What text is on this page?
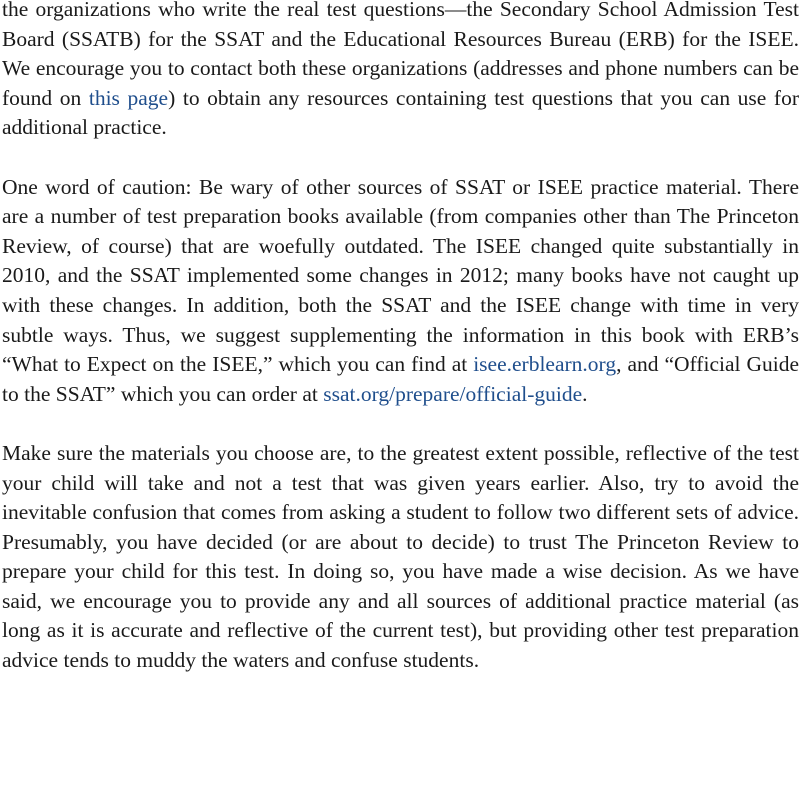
the organizations who write the real test questions—the Secondary School Admission Test Board (SSATB) for the SSAT and the Educational Resources Bureau (ERB) for the ISEE. We encourage you to contact both these organizations (addresses and phone numbers can be found on this page) to obtain any resources containing test questions that you can use for additional practice.

One word of caution: Be wary of other sources of SSAT or ISEE practice material. There are a number of test preparation books available (from companies other than The Princeton Review, of course) that are woefully outdated. The ISEE changed quite substantially in 2010, and the SSAT implemented some changes in 2012; many books have not caught up with these changes. In addition, both the SSAT and the ISEE change with time in very subtle ways. Thus, we suggest supplementing the information in this book with ERB’s “What to Expect on the ISEE,” which you can find at isee.erblearn.org, and “Official Guide to the SSAT” which you can order at ssat.org/prepare/official-guide.

Make sure the materials you choose are, to the greatest extent possible, reflective of the test your child will take and not a test that was given years earlier. Also, try to avoid the inevitable confusion that comes from asking a student to follow two different sets of advice. Presumably, you have decided (or are about to decide) to trust The Princeton Review to prepare your child for this test. In doing so, you have made a wise decision. As we have said, we encourage you to provide any and all sources of additional practice material (as long as it is accurate and reflective of the current test), but providing other test preparation advice tends to muddy the waters and confuse students.
